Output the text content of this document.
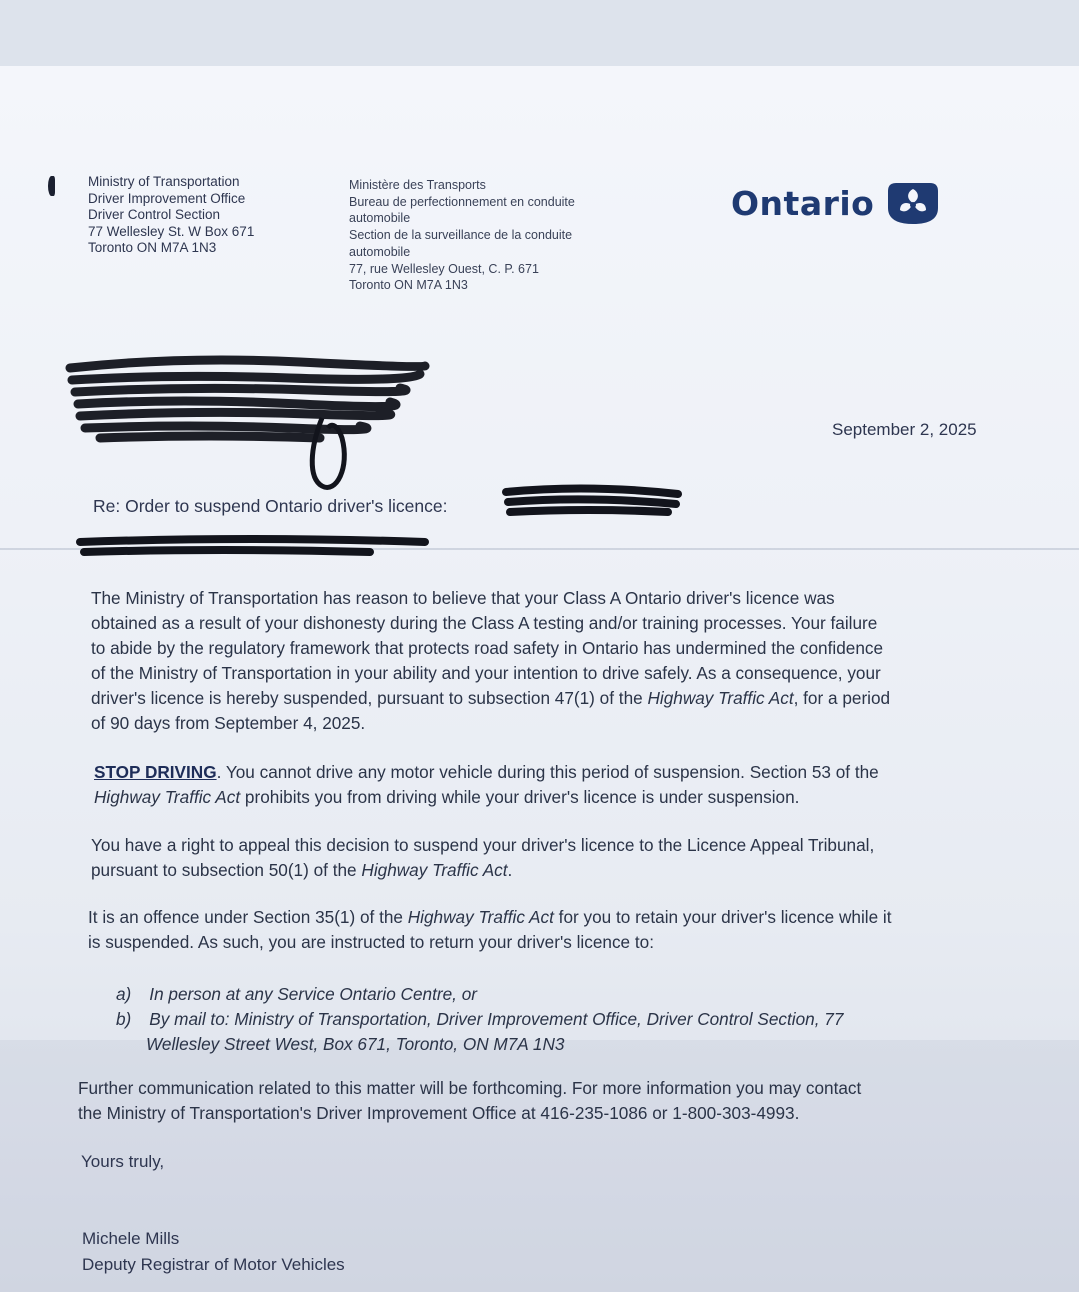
Ministry of Transportation
Driver Improvement Office
Driver Control Section
77 Wellesley St. W Box 671
Toronto ON M7A 1N3
Ministère des Transports
Bureau de perfectionnement en conduite
automobile
Section de la surveillance de la conduite
automobile
77, rue Wellesley Ouest, C. P. 671
Toronto ON M7A 1N3
Ontario
September 2, 2025
Re: Order to suspend Ontario driver's licence:
The Ministry of Transportation has reason to believe that your Class A Ontario driver's licence was
obtained as a result of your dishonesty during the Class A testing and/or training processes. Your failure
to abide by the regulatory framework that protects road safety in Ontario has undermined the confidence
of the Ministry of Transportation in your ability and your intention to drive safely. As a consequence, your
driver's licence is hereby suspended, pursuant to subsection 47(1) of the Highway Traffic Act, for a period
of 90 days from September 4, 2025.
STOP DRIVING. You cannot drive any motor vehicle during this period of suspension. Section 53 of the
Highway Traffic Act prohibits you from driving while your driver's licence is under suspension.
You have a right to appeal this decision to suspend your driver's licence to the Licence Appeal Tribunal,
pursuant to subsection 50(1) of the Highway Traffic Act.
It is an offence under Section 35(1) of the Highway Traffic Act for you to retain your driver's licence while it
is suspended. As such, you are instructed to return your driver's licence to:
a) In person at any Service Ontario Centre, or
b) By mail to: Ministry of Transportation, Driver Improvement Office, Driver Control Section, 77
Wellesley Street West, Box 671, Toronto, ON M7A 1N3
Further communication related to this matter will be forthcoming. For more information you may contact
the Ministry of Transportation's Driver Improvement Office at 416-235-1086 or 1-800-303-4993.
Yours truly,
Michele Mills
Deputy Registrar of Motor Vehicles
